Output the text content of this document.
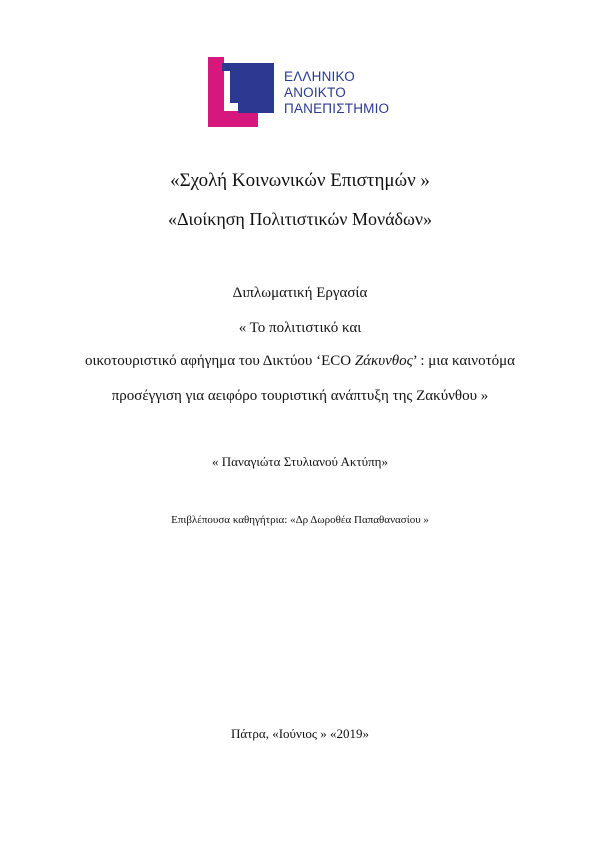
ΕΛΛΗΝΙΚΟ
ΑΝΟΙΚΤΟ
ΠΑΝΕΠΙΣΤΗΜΙΟ
«Σχολή Κοινωνικών Επιστημών »
«Διοίκηση Πολιτιστικών Μονάδων»
Διπλωματική Εργασία
« Το πολιτιστικό και
οικοτουριστικό αφήγημα του Δικτύου ‘ECO Ζάκυνθος’ : μια καινοτόμα
προσέγγιση για αειφόρο τουριστική ανάπτυξη της Ζακύνθου »
« Παναγιώτα Στυλιανού Ακτύπη»
Επιβλέπουσα καθηγήτρια: «Δρ Δωροθέα Παπαθανασίου »
Πάτρα, «Ιούνιος » «2019»
